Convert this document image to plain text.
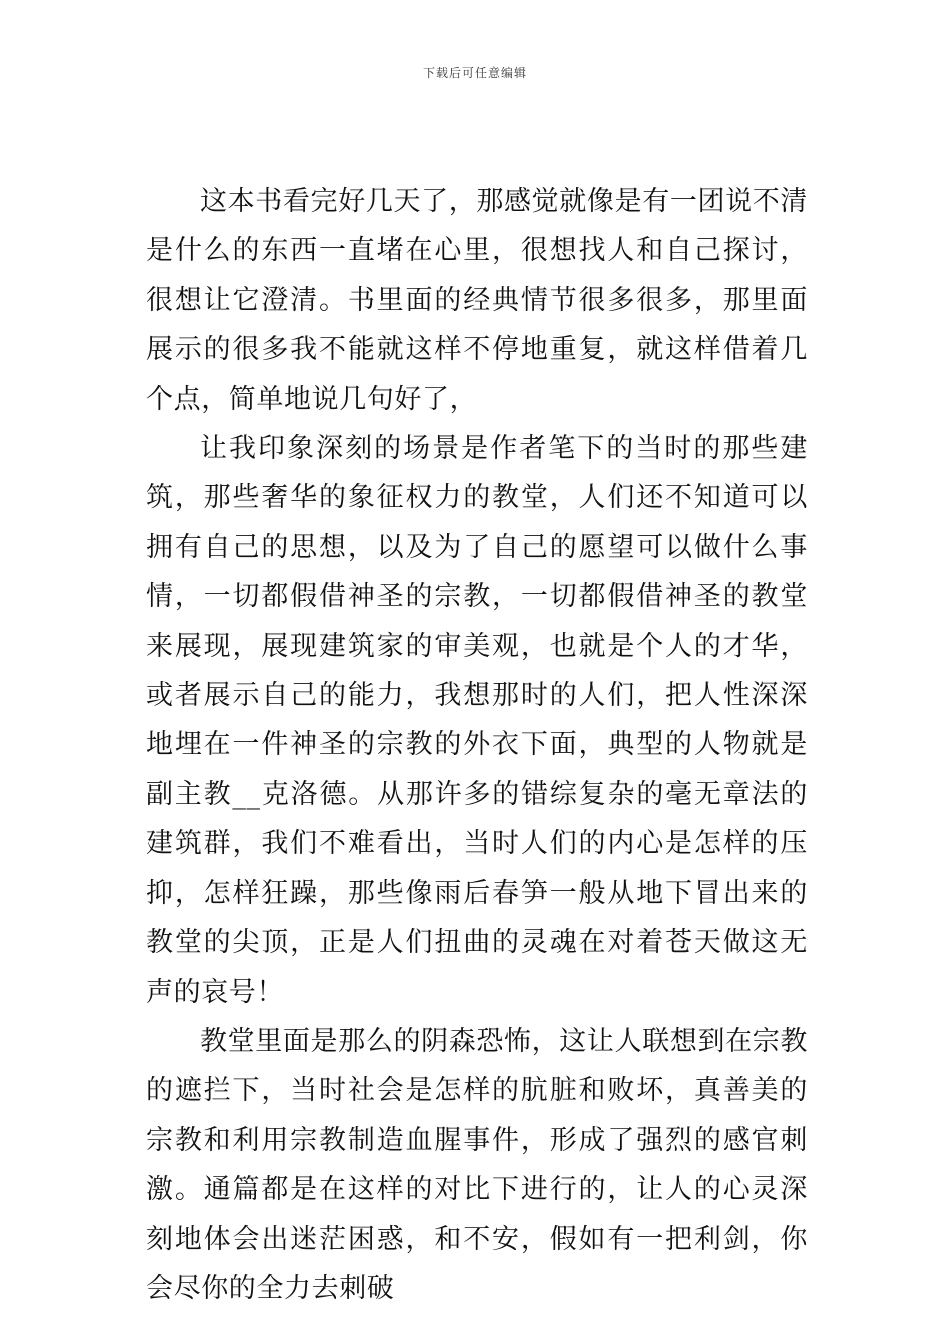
下载后可任意编辑

这本书看完好几天了，那感觉就像是有一团说不清是什么的东西一直堵在心里，很想找人和自己探讨，很想让它澄清。书里面的经典情节很多很多，那里面展示的很多我不能就这样不停地重复，就这样借着几个点，简单地说几句好了，

让我印象深刻的场景是作者笔下的当时的那些建筑，那些奢华的象征权力的教堂，人们还不知道可以拥有自己的思想，以及为了自己的愿望可以做什么事情，一切都假借神圣的宗教，一切都假借神圣的教堂来展现，展现建筑家的审美观，也就是个人的才华，或者展示自己的能力，我想那时的人们，把人性深深地埋在一件神圣的宗教的外衣下面，典型的人物就是副主教__克洛德。从那许多的错综复杂的毫无章法的建筑群，我们不难看出，当时人们的内心是怎样的压抑，怎样狂躁，那些像雨后春笋一般从地下冒出来的教堂的尖顶，正是人们扭曲的灵魂在对着苍天做这无声的哀号！

教堂里面是那么的阴森恐怖，这让人联想到在宗教的遮拦下，当时社会是怎样的肮脏和败坏，真善美的宗教和利用宗教制造血腥事件，形成了强烈的感官刺激。通篇都是在这样的对比下进行的，让人的心灵深刻地体会出迷茫困惑，和不安，假如有一把利剑，你会尽你的全力去刺破
